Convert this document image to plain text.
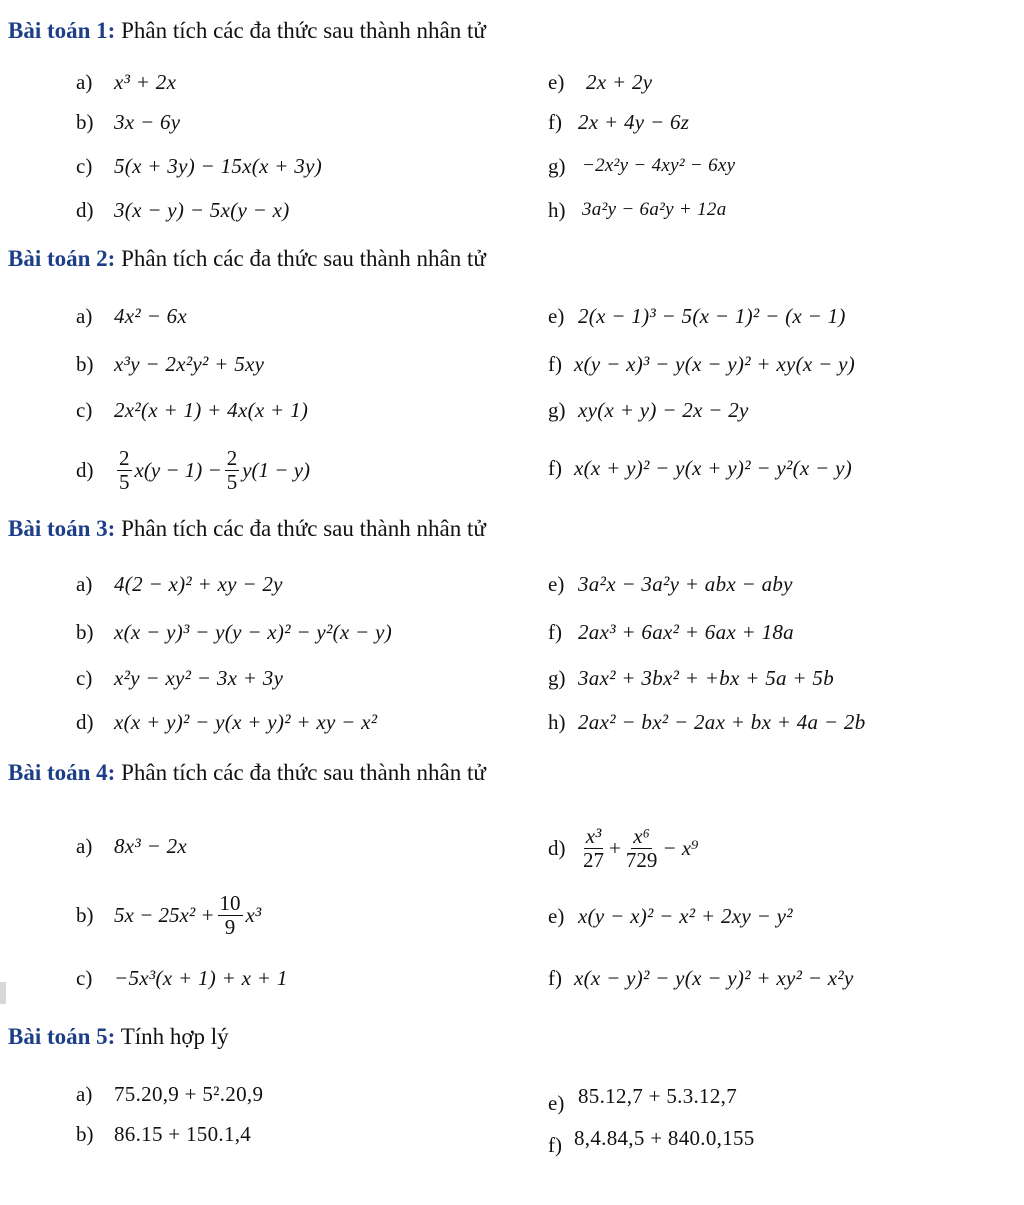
Bài toán 1: Phân tích các đa thức sau thành nhân tử
a)	x³ + 2x
b) 3x − 6y
c)	5(x + 3y) − 15x(x + 3y)
d) 3(x − y) − 5x(y − x)
e)	2x + 2y
f) 2x + 4y − 6z
g) −2x²y − 4xy² − 6xy
h) 3a²y − 6a²y + 12a
Bài toán 2: Phân tích các đa thức sau thành nhân tử
a)	4x² − 6x
b) x³y − 2x²y² + 5xy
c)	2x²(x + 1) + 4x(x + 1)
d)	$\frac{2}{5} x(y - 1) - \frac{2}{5} y(1 - y)$
e) 2(x − 1)³ − 5(x − 1)² − (x − 1)
f) x(y − x)³ − y(x − y)² + xy(x − y)
g) xy(x + y) − 2x − 2y
f) x(x + y)² − y(x + y)² − y²(x − y)
Bài toán 3: Phân tích các đa thức sau thành nhân tử
a)	4(2 − x)² + xy − 2y
b) x(x − y)³ − y(y − x)² − y²(x − y)
c)	x²y − xy² − 3x + 3y
d) x(x + y)² − y(x + y)² + xy − x²
e) 3a²x − 3a²y + abx − aby
f) 2ax³ + 6ax² + 6ax + 18a
g) 3ax² + 3bx² + +bx + 5a + 5b
h) 2ax² − bx² − 2ax + bx + 4a − 2b
Bài toán 4: Phân tích các đa thức sau thành nhân tử
a)	8x³ − 2x
b) $5x - 25x^2 + \frac{10}{9} x^3$
c)	−5x³(x + 1) + x + 1
$d) \frac{\text{x³}}{27} + \frac{\text{x⁶}}{729} - x^9$
e) x(y − x)² − x² + 2xy − y²
f) x(x − y)² − y(x − y)² + xy² − x²y
Bài toán 5: Tính hợp lý
a)	75.20,9 + 5².20,9
b) 86.15 + 150.1,4
e) 85.12,7 + 5.3.12,7
f) 8,4.84,5 + 840.0,155
